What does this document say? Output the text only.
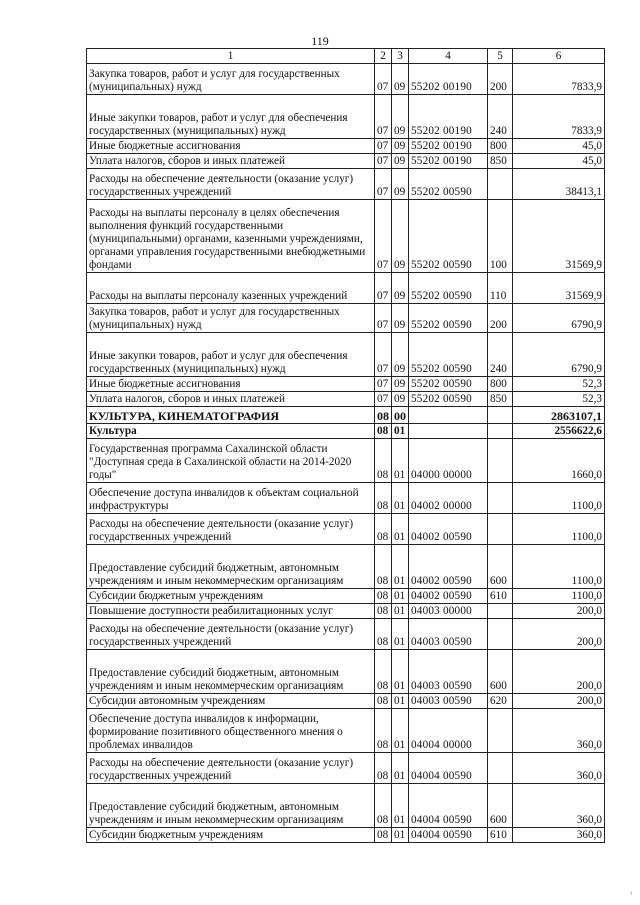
119
1	2	3	4	5	6
Закупка товаров, работ и услуг для государственных (муниципальных) нужд	07	09	55202 00190	200	7833,9
Иные закупки товаров, работ и услуг для обеспечения государственных (муниципальных) нужд	07	09	55202 00190	240	7833,9
Иные бюджетные ассигнования	07	09	55202 00190	800	45,0
Уплата налогов, сборов и иных платежей	07	09	55202 00190	850	45,0
Расходы на обеспечение деятельности (оказание услуг) государственных учреждений	07	09	55202 00590		38413,1
Расходы на выплаты персоналу в целях обеспечения выполнения функций государственными (муниципальными) органами, казенными учреждениями, органами управления государственными внебюджетными фондами	07	09	55202 00590	100	31569,9
Расходы на выплаты персоналу казенных учреждений	07	09	55202 00590	110	31569,9
Закупка товаров, работ и услуг для государственных (муниципальных) нужд	07	09	55202 00590	200	6790,9
Иные закупки товаров, работ и услуг для обеспечения государственных (муниципальных) нужд	07	09	55202 00590	240	6790,9
Иные бюджетные ассигнования	07	09	55202 00590	800	52,3
Уплата налогов, сборов и иных платежей	07	09	55202 00590	850	52,3
КУЛЬТУРА, КИНЕМАТОГРАФИЯ	08	00			2863107,1
Культура	08	01			2556622,6
Государственная программа Сахалинской области "Доступная среда в Сахалинской области на 2014-2020 годы"	08	01	04000 00000		1660,0
Обеспечение доступа инвалидов к объектам социальной инфраструктуры	08	01	04002 00000		1100,0
Расходы на обеспечение деятельности (оказание услуг) государственных учреждений	08	01	04002 00590		1100,0
Предоставление субсидий бюджетным, автономным учреждениям и иным некоммерческим организациям	08	01	04002 00590	600	1100,0
Субсидии бюджетным учреждениям	08	01	04002 00590	610	1100,0
Повышение доступности реабилитационных услуг	08	01	04003 00000		200,0
Расходы на обеспечение деятельности (оказание услуг) государственных учреждений	08	01	04003 00590		200,0
Предоставление субсидий бюджетным, автономным учреждениям и иным некоммерческим организациям	08	01	04003 00590	600	200,0
Субсидии автономным учреждениям	08	01	04003 00590	620	200,0
Обеспечение доступа инвалидов к информации, формирование позитивного общественного мнения о проблемах инвалидов	08	01	04004 00000		360,0
Расходы на обеспечение деятельности (оказание услуг) государственных учреждений	08	01	04004 00590		360,0
Предоставление субсидий бюджетным, автономным учреждениям и иным некоммерческим организациям	08	01	04004 00590	600	360,0
Субсидии бюджетным учреждениям	08	01	04004 00590	610	360,0
~
